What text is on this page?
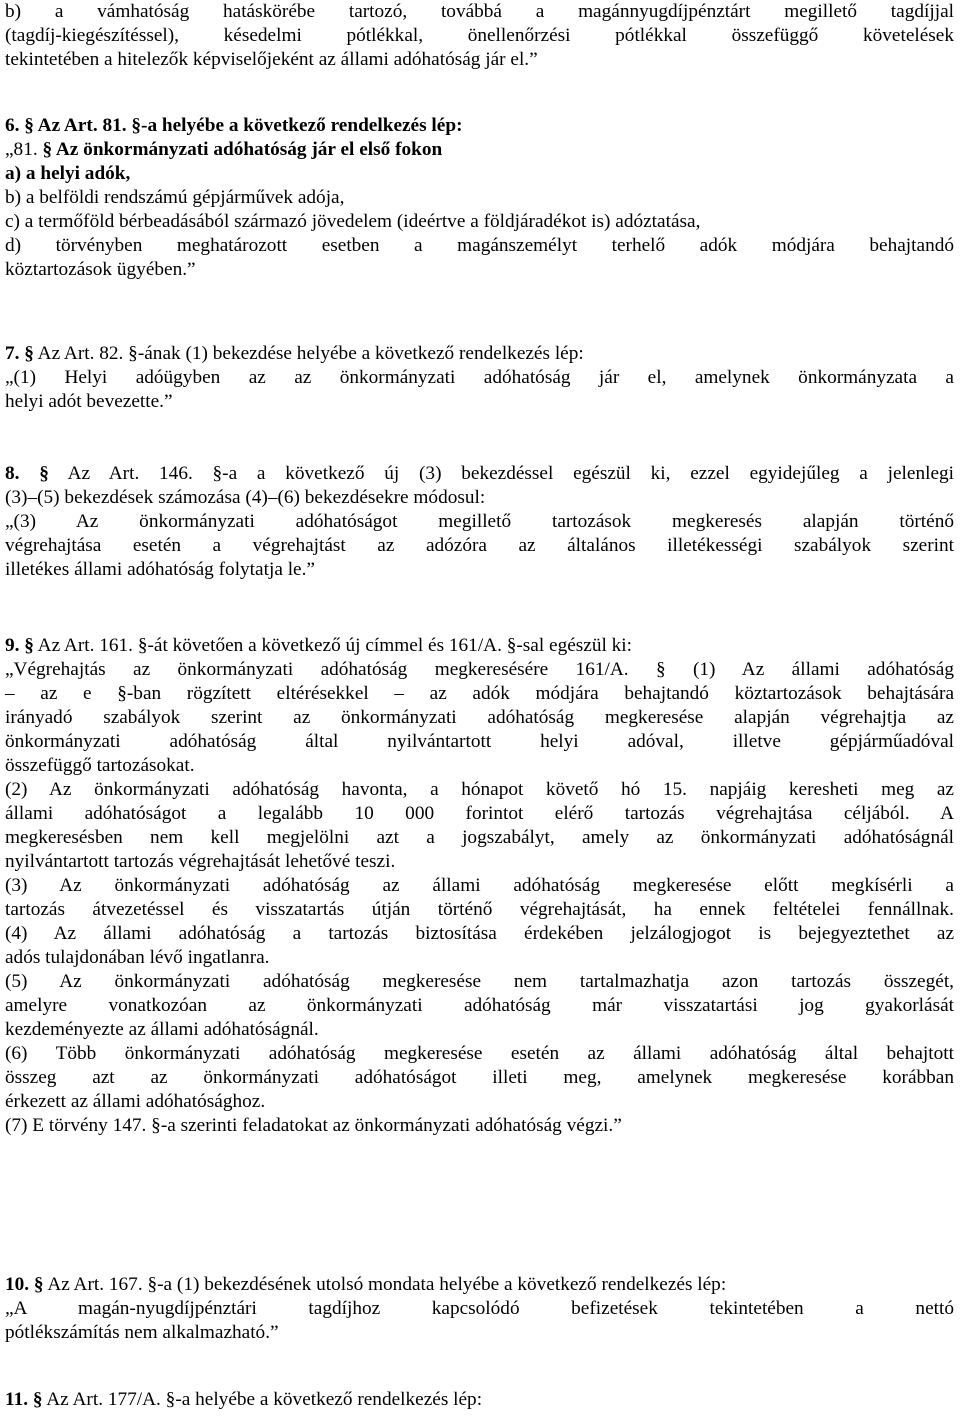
b) a vámhatóság hatáskörébe tartozó, továbbá a magánnyugdíjpénztárt megillető tagdíjjal

(tagdíj-kiegészítéssel), késedelmi pótlékkal, önellenőrzési pótlékkal összefüggő követelések

tekintetében a hitelezők képviselőjeként az állami adóhatóság jár el.”

6. § Az Art. 81. §-a helyébe a következő rendelkezés lép:

„81. § Az önkormányzati adóhatóság jár el első fokon

a) a helyi adók,

b) a belföldi rendszámú gépjárművek adója,

c) a termőföld bérbeadásából származó jövedelem (ideértve a földjáradékot is) adóztatása,

d) törvényben meghatározott esetben a magánszemélyt terhelő adók módjára behajtandó

köztartozások ügyében.”

7. § Az Art. 82. §-ának (1) bekezdése helyébe a következő rendelkezés lép:

„(1) Helyi adóügyben az az önkormányzati adóhatóság jár el, amelynek önkormányzata a

helyi adót bevezette.”

8. § Az Art. 146. §-a a következő új (3) bekezdéssel egészül ki, ezzel egyidejűleg a jelenlegi

(3)–(5) bekezdések számozása (4)–(6) bekezdésekre módosul:

„(3) Az önkormányzati adóhatóságot megillető tartozások megkeresés alapján történő

végrehajtása esetén a végrehajtást az adózóra az általános illetékességi szabályok szerint

illetékes állami adóhatóság folytatja le.”

9. § Az Art. 161. §-át követően a következő új címmel és 161/A. §-sal egészül ki:

„Végrehajtás az önkormányzati adóhatóság megkeresésére 161/A. § (1) Az állami adóhatóság

– az e §-ban rögzített eltérésekkel – az adók módjára behajtandó köztartozások behajtására

irányadó szabályok szerint az önkormányzati adóhatóság megkeresése alapján végrehajtja az

önkormányzati adóhatóság által nyilvántartott helyi adóval, illetve gépjárműadóval

összefüggő tartozásokat.

(2) Az önkormányzati adóhatóság havonta, a hónapot követő hó 15. napjáig keresheti meg az

állami adóhatóságot a legalább 10 000 forintot elérő tartozás végrehajtása céljából. A

megkeresésben nem kell megjelölni azt a jogszabályt, amely az önkormányzati adóhatóságnál

nyilvántartott tartozás végrehajtását lehetővé teszi.

(3) Az önkormányzati adóhatóság az állami adóhatóság megkeresése előtt megkísérli a

tartozás átvezetéssel és visszatartás útján történő végrehajtását, ha ennek feltételei fennállnak.

(4) Az állami adóhatóság a tartozás biztosítása érdekében jelzálogjogot is bejegyeztethet az

adós tulajdonában lévő ingatlanra.

(5) Az önkormányzati adóhatóság megkeresése nem tartalmazhatja azon tartozás összegét,

amelyre vonatkozóan az önkormányzati adóhatóság már visszatartási jog gyakorlását

kezdeményezte az állami adóhatóságnál.

(6) Több önkormányzati adóhatóság megkeresése esetén az állami adóhatóság által behajtott

összeg azt az önkormányzati adóhatóságot illeti meg, amelynek megkeresése korábban

érkezett az állami adóhatósághoz.

(7) E törvény 147. §-a szerinti feladatokat az önkormányzati adóhatóság végzi.”

10. § Az Art. 167. §-a (1) bekezdésének utolsó mondata helyébe a következő rendelkezés lép:

„A magán-nyugdíjpénztári tagdíjhoz kapcsolódó befizetések tekintetében a nettó

pótlékszámítás nem alkalmazható.”

11. § Az Art. 177/A. §-a helyébe a következő rendelkezés lép:
